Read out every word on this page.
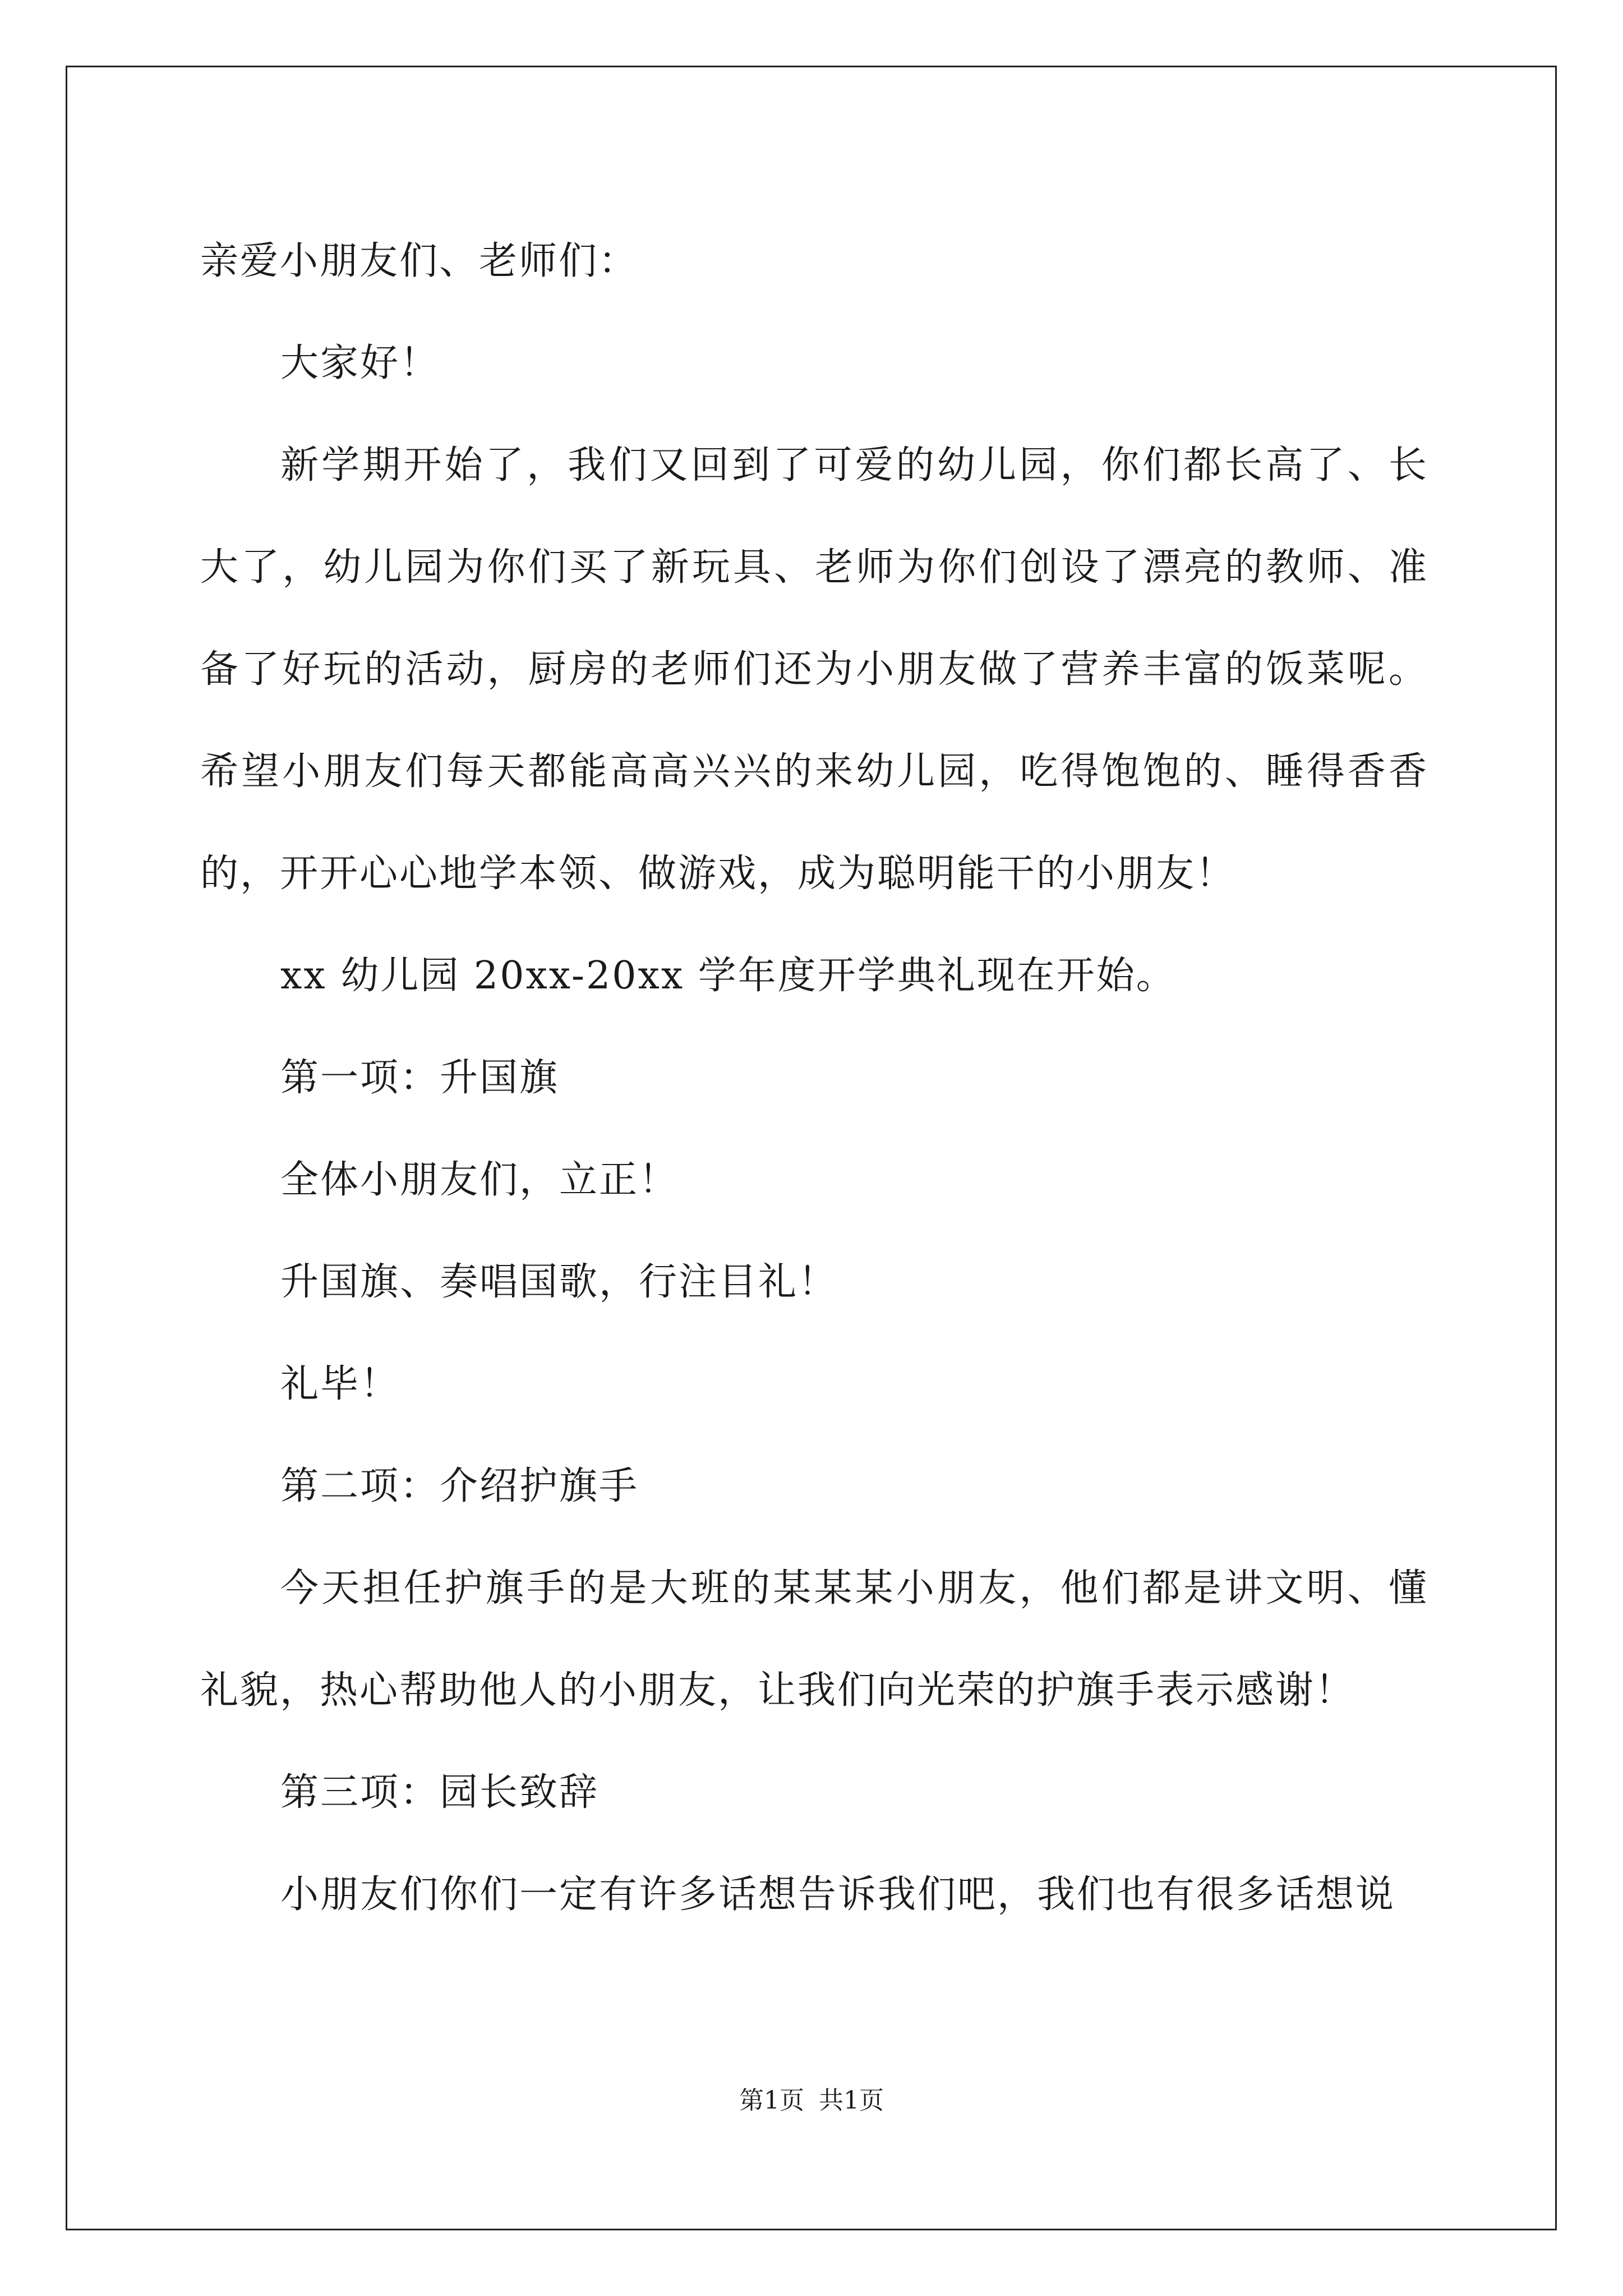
亲爱小朋友们、老师们：

大家好！

新学期开始了，我们又回到了可爱的幼儿园，你们都长高了、长大了，幼儿园为你们买了新玩具、老师为你们创设了漂亮的教师、准备了好玩的活动，厨房的老师们还为小朋友做了营养丰富的饭菜呢。希望小朋友们每天都能高高兴兴的来幼儿园，吃得饱饱的、睡得香香的，开开心心地学本领、做游戏，成为聪明能干的小朋友！

xx 幼儿园 20xx-20xx 学年度开学典礼现在开始。

第一项：升国旗

全体小朋友们，立正！

升国旗、奏唱国歌，行注目礼！

礼毕！

第二项：介绍护旗手

今天担任护旗手的是大班的某某某小朋友，他们都是讲文明、懂礼貌，热心帮助他人的小朋友，让我们向光荣的护旗手表示感谢！

第三项：园长致辞

小朋友们你们一定有许多话想告诉我们吧，我们也有很多话想说

第1页 共1页
